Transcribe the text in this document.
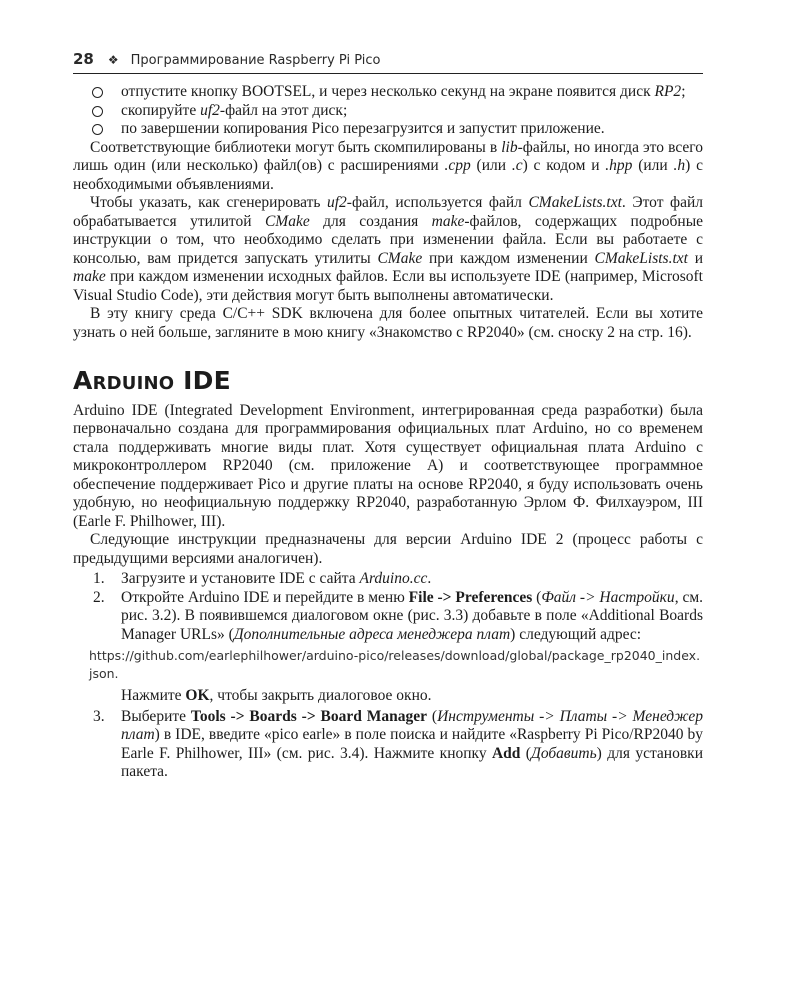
28 ❖ Программирование Raspberry Pi Pico
отпустите кнопку BOOTSEL, и через несколько секунд на экране появится диск RP2;
скопируйте uf2-файл на этот диск;
по завершении копирования Pico перезагрузится и запустит приложение.

Соответствующие библиотеки могут быть скомпилированы в lib-файлы, но иногда это всего лишь один (или несколько) файл(ов) с расширениями .cpp (или .c) с кодом и .hpp (или .h) с необходимыми объявлениями.

Чтобы указать, как сгенерировать uf2-файл, используется файл CMakeLists.txt. Этот файл обрабатывается утилитой CMake для создания make-файлов, содержащих подробные инструкции о том, что необходимо сделать при изменении файла. Если вы работаете с консолью, вам придется запускать утилиты CMake при каждом изменении CMakeLists.txt и make при каждом изменении исходных файлов. Если вы используете IDE (например, Microsoft Visual Studio Code), эти действия могут быть выполнены автоматически.

В эту книгу среда C/C++ SDK включена для более опытных читателей. Если вы хотите узнать о ней больше, загляните в мою книгу «Знакомство с RP2040» (см. сноску 2 на стр. 16).

ARDUINO IDE

Arduino IDE (Integrated Development Environment, интегрированная среда разработки) была первоначально создана для программирования официальных плат Arduino, но со временем стала поддерживать многие виды плат. Хотя существует официальная плата Arduino с микроконтроллером RP2040 (см. приложение А) и соответствующее программное обеспечение поддерживает Pico и другие платы на основе RP2040, я буду использовать очень удобную, но неофициальную поддержку RP2040, разработанную Эрлом Ф. Филхауэром, III (Earle F. Philhower, III).

Следующие инструкции предназначены для версии Arduino IDE 2 (процесс работы с предыдущими версиями аналогичен).

1. Загрузите и установите IDE с сайта Arduino.cc.
2. Откройте Arduino IDE и перейдите в меню File -> Preferences (Файл -> Настройки, см. рис. 3.2). В появившемся диалоговом окне (рис. 3.3) добавьте в поле «Additional Boards Manager URLs» (Дополнительные адреса менеджера плат) следующий адрес:
https://github.com/earlephilhower/arduino-pico/releases/download/global/package_rp2040_index.json.

Нажмите OK, чтобы закрыть диалоговое окно.

3. Выберите Tools -> Boards -> Board Manager (Инструменты -> Платы -> Менеджер плат) в IDE, введите «pico earle» в поле поиска и найдите «Raspberry Pi Pico/RP2040 by Earle F. Philhower, III» (см. рис. 3.4). Нажмите кнопку Add (Добавить) для установки пакета.
